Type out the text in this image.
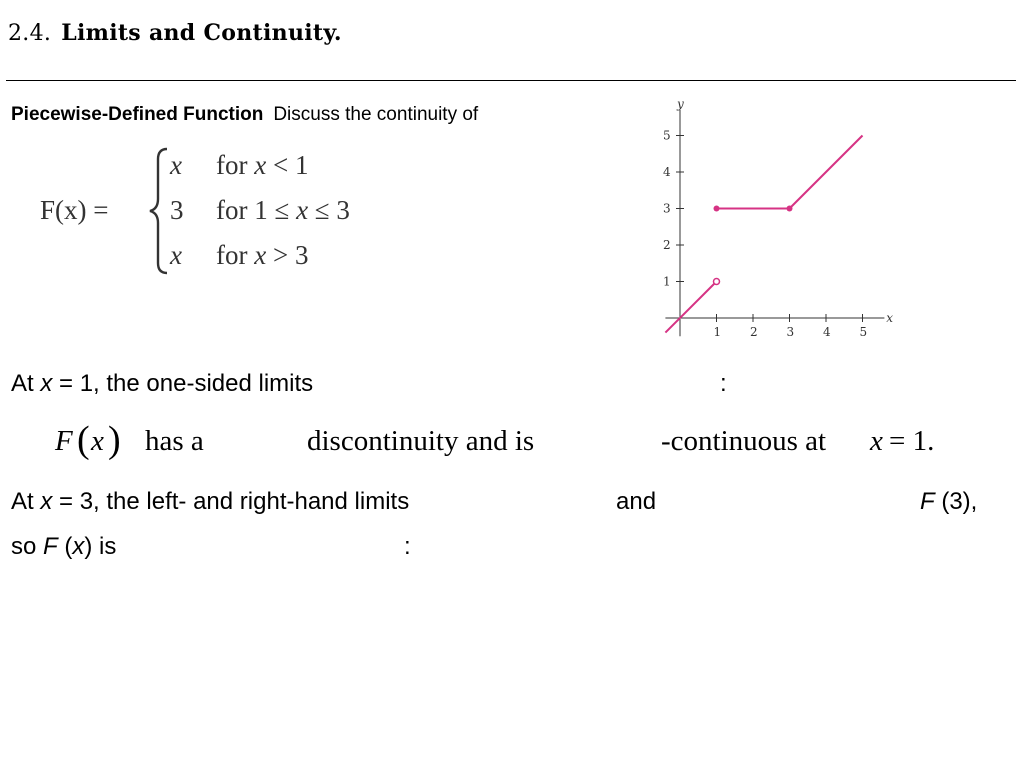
2.4. Limits and Continuity.
Piecewise-Defined Function Discuss the continuity of
F(x) =
x for x < 1
3 for 1 ≤ x ≤ 3
x for x > 3
x
y
1 2 3 4 5
1
2
3
4
5
At x = 1, the one-sided limits	:
F ( x ) has a	discontinuity and is	-continuous at x = 1.
At x = 3, the left- and right-hand limits	and	F (3),
so F (x) is	:
